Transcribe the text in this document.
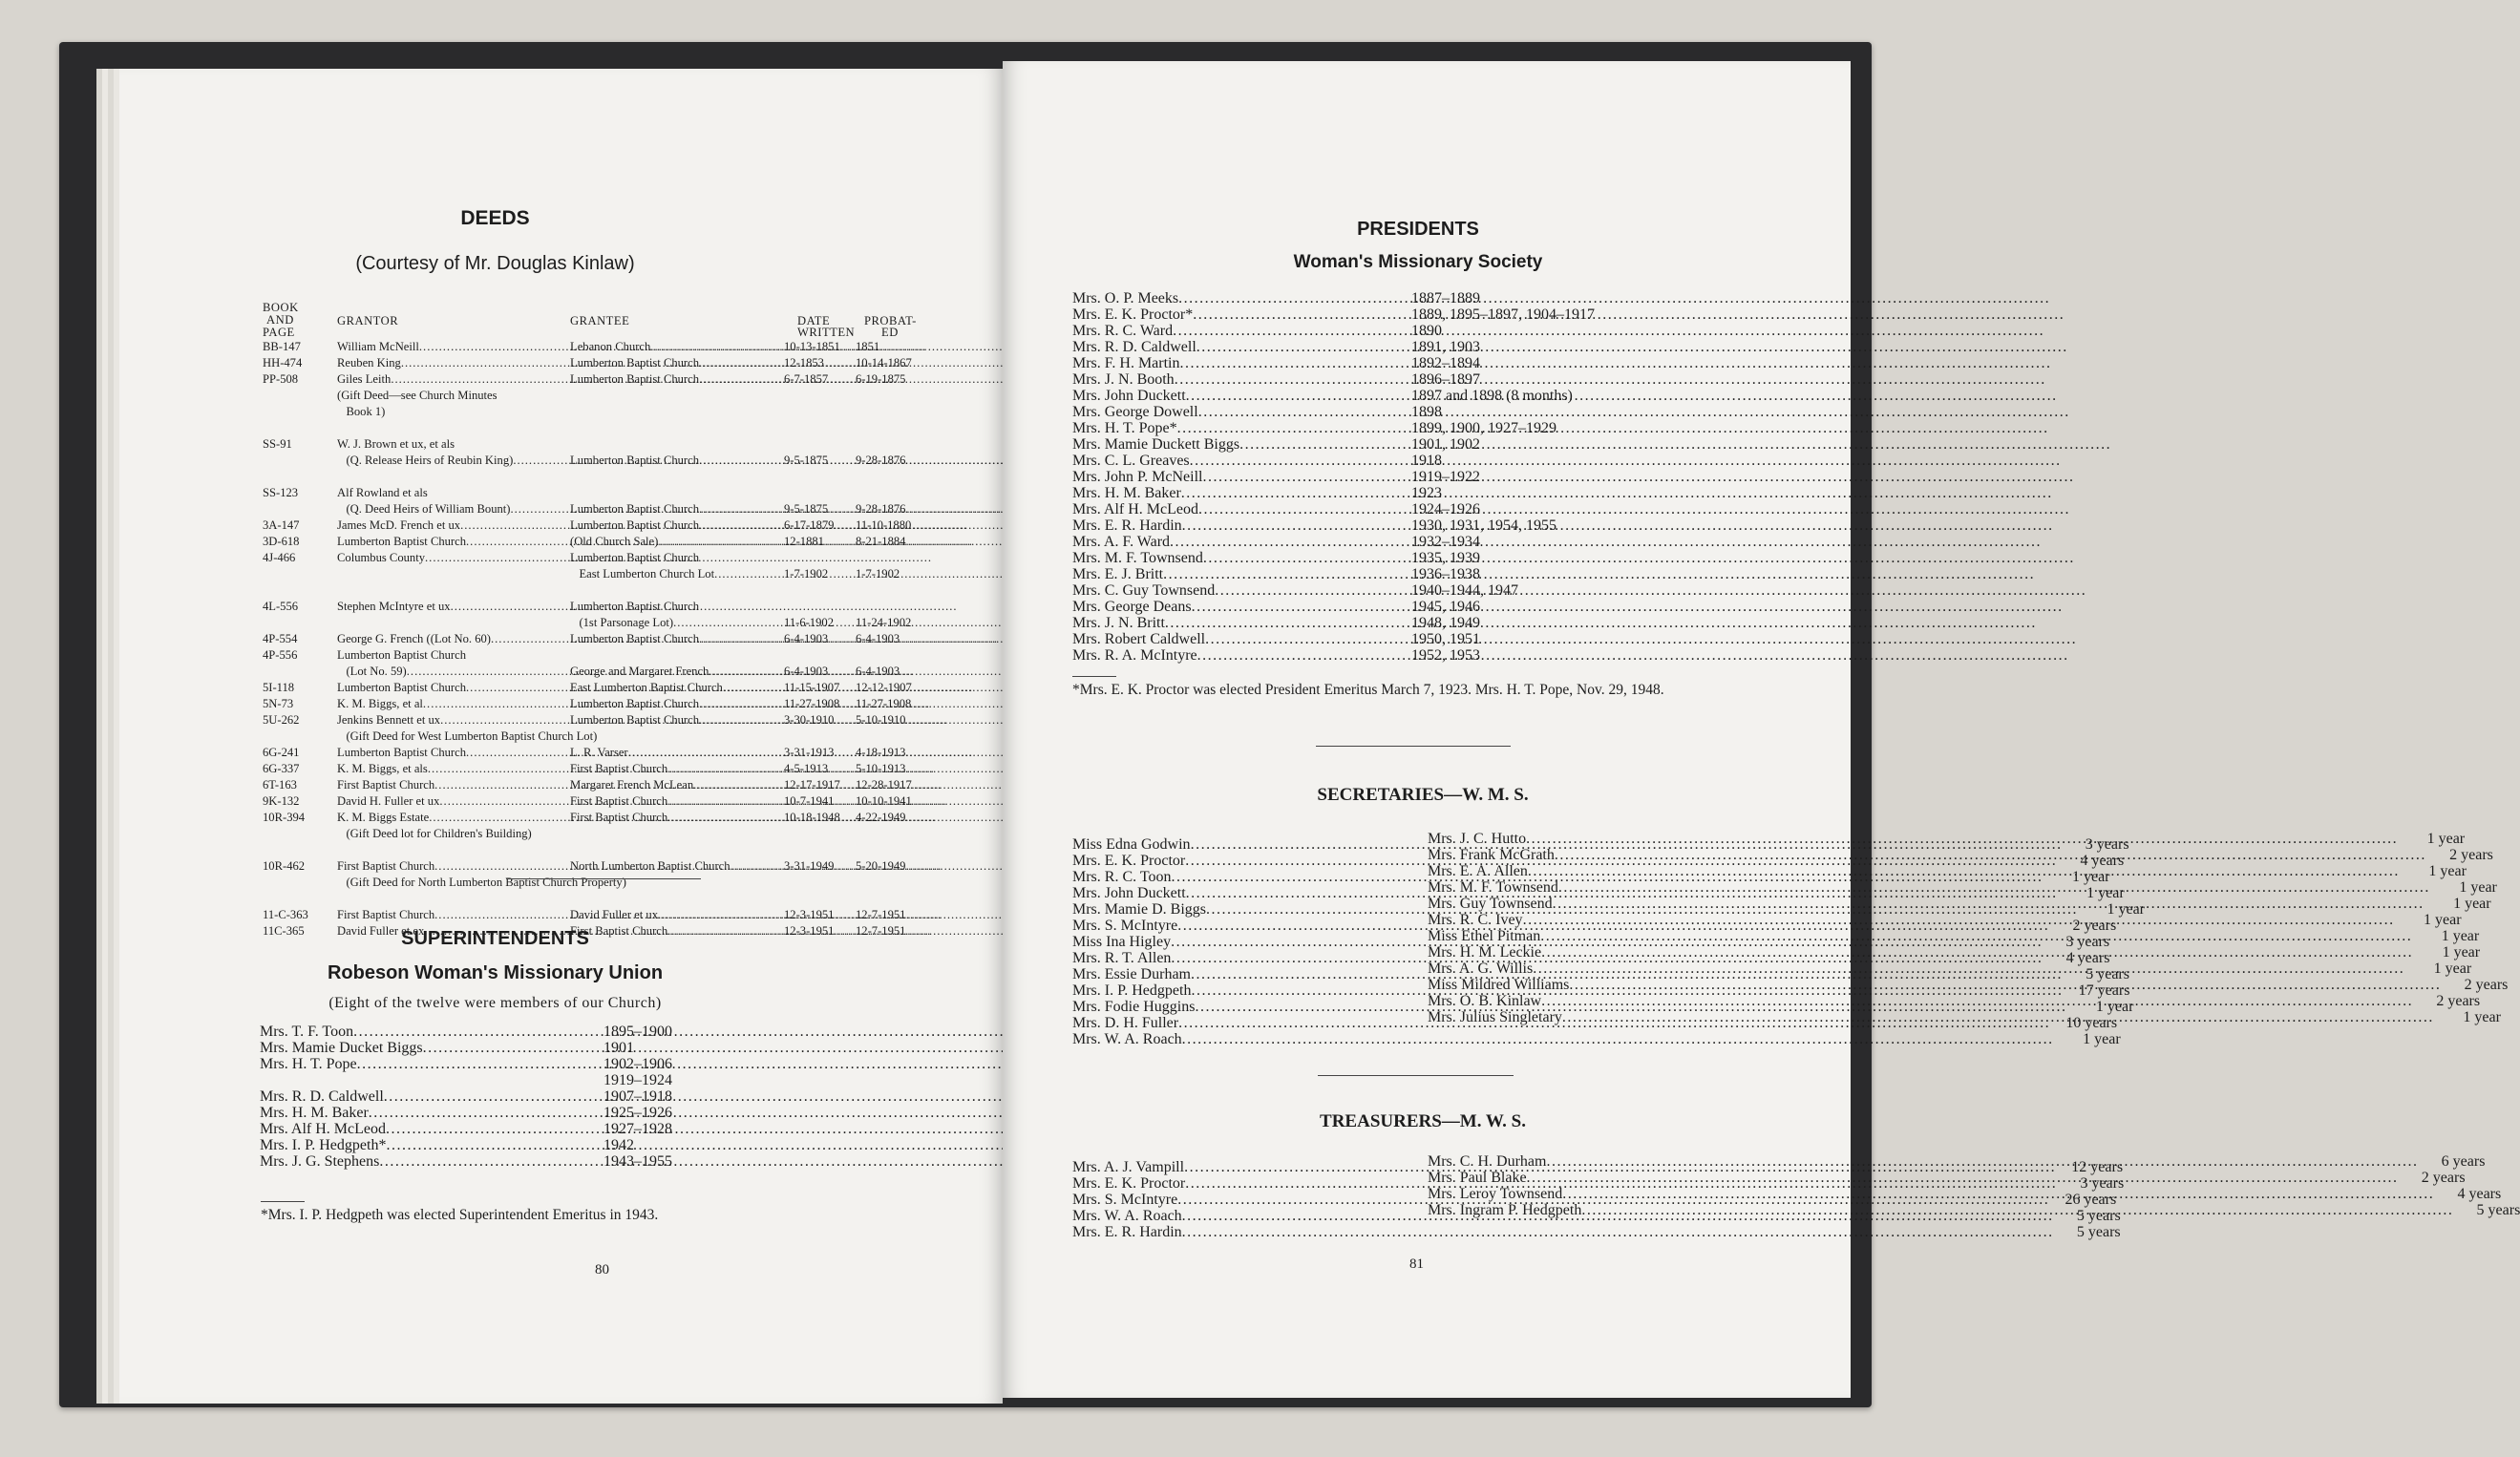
DEEDS
(Courtesy of Mr. Douglas Kinlaw)
BOOK
AND
PAGE
GRANTOR	GRANTEE	DATE
WRITTEN
PROBAT-
ED
BB-147	William McNeill .....	Lebanon Church .....	10-13-1851 1851
HH-474	Reuben King .....	Lumberton Baptist Church .....	12-1853	10-14-1867
PP-508	Giles Leith .....	Lumberton Baptist Church .....	6-7-1857 6-19-1875
(Gift Deed—see Church Minutes
Book 1)
SS-91	W. J. Brown et ux, et als
(Q. Release Heirs of Reubin King) .....	Lumberton Baptist Church .....	9-5-1875 9-28-1876
SS-123	Alf Rowland et als
(Q. Deed Heirs of William Bount) .....	Lumberton Baptist Church .....	9-5-1875 9-28-1876
3A-147	James McD. French et ux .....	Lumberton Baptist Church .....	6-17-1879 11-10-1880
3D-618	Lumberton Baptist Church .....	(Old Church Sale) .....	12-1881	8-21-1884
4J-466	Columbus County .....	Lumberton Baptist Church
East Lumberton Church Lot .....	1-7-1902 1-7-1902
4L-556	Stephen McIntyre et ux .....	Lumberton Baptist Church
(1st Parsonage Lot) .....	11-6-1902 11-24-1902
4P-554	George G. French ((Lot No. 60) .....	Lumberton Baptist Church .....	6-4-1903 6-4-1903
4P-556	Lumberton Baptist Church
(Lot No. 59) .....	George and Margaret French .....	6-4-1903 6-4-1903
5I-118	Lumberton Baptist Church .....	East Lumberton Baptist Church .....	11-15-1907 12-12-1907
5N-73	K. M. Biggs, et al .....	Lumberton Baptist Church .....	11-27-1908 11-27-1908
5U-262	Jenkins Bennett et ux .....	Lumberton Baptist Church .....	3-30-1910 5-10-1910
(Gift Deed for West Lumberton Baptist Church Lot)
6G-241	Lumberton Baptist Church .....	L. R. Varser .....	3-31-1913 4-18-1913
6G-337	K. M. Biggs, et als .....	First Baptist Church .....	4-5-1913 5-10-1913
6T-163	First Baptist Church .....	Margaret French McLean .....	12-17-1917 12-28-1917
9K-132	David H. Fuller et ux .....	First Baptist Church .....	10-7-1941 10-10-1941
10R-394	K. M. Biggs Estate .....	First Baptist Church .....	10-18-1948 4-22-1949
(Gift Deed lot for Children's Building)
10R-462	First Baptist Church .....	North Lumberton Baptist Church .....	3-31-1949 5-20-1949
(Gift Deed for North Lumberton Baptist Church Property)
11-C-363 First Baptist Church .....	David Fuller et ux .....	12-3-1951 12-7-1951
11C-365	David Fuller et ex .....	First Baptist Church .....	12-3-1951 12-7-1951
SUPERINTENDENTS
Robeson Woman's Missionary Union
(Eight of the twelve were members of our Church)
Mrs. T. F. Toon .....	1895–1900
Mrs. Mamie Ducket Biggs .....	1901
Mrs. H. T. Pope .....	1902–1906
1919–1924
Mrs. R. D. Caldwell .....	1907–1918
Mrs. H. M. Baker .....	1925–1926
Mrs. Alf H. McLeod .....	1927–1928
Mrs. I. P. Hedgpeth* .....	1942
Mrs. J. G. Stephens .....	1943–1955
*Mrs. I. P. Hedgpeth was elected Superintendent Emeritus in 1943.
80
PRESIDENTS
Woman's Missionary Society
Mrs. O. P. Meeks .....	1887–1889
Mrs. E. K. Proctor* .....	1889, 1895–1897, 1904–1917
Mrs. R. C. Ward .....	1890
Mrs. R. D. Caldwell .....	1891, 1903
Mrs. F. H. Martin .....	1892–1894
Mrs. J. N. Booth .....	1896–1897
Mrs. John Duckett .....	1897 and 1898 (8 months)
Mrs. George Dowell .....	1898
Mrs. H. T. Pope* .....	1899, 1900, 1927–1929
Mrs. Mamie Duckett Biggs .....	1901, 1902
Mrs. C. L. Greaves .....	1918
Mrs. John P. McNeill .....	1919–1922
Mrs. H. M. Baker .....	1923
Mrs. Alf H. McLeod .....	1924–1926
Mrs. E. R. Hardin .....	1930, 1931, 1954, 1955
Mrs. A. F. Ward .....	1932–1934
Mrs. M. F. Townsend .....	1935, 1939
Mrs. E. J. Britt .....	1936–1938
Mrs. C. Guy Townsend .....	1940–1944, 1947
Mrs. George Deans .....	1945, 1946
Mrs. J. N. Britt .....	1948, 1949
Mrs. Robert Caldwell .....	1950, 1951
Mrs. R. A. McIntyre .....	1952, 1953
*Mrs. E. K. Proctor was elected President Emeritus March 7, 1923. Mrs. H. T. Pope, Nov. 29, 1948.
SECRETARIES—W. M. S.
Miss Edna Godwin .....	3 years
Mrs. E. K. Proctor .....	4 years
Mrs. R. C. Toon .....	1 year
Mrs. John Duckett .....	1 year
Mrs. Mamie D. Biggs .....	1 year
Mrs. S. McIntyre .....	2 years
Miss Ina Higley .....	3 years
Mrs. R. T. Allen .....	4 years
Mrs. Essie Durham .....	5 years
Mrs. I. P. Hedgpeth .....	17 years
Mrs. Fodie Huggins .....	1 year
Mrs. D. H. Fuller .....	10 years
Mrs. W. A. Roach .....	1 year
Mrs. J. C. Hutto .....	1 year
Mrs. Frank McGrath .....	2 years
Mrs. E. A. Allen .....	1 year
Mrs. M. F. Townsend .....	1 year
Mrs. Guy Townsend .....	1 year
Mrs. R. C. Ivey .....	1 year
Miss Ethel Pitman .....	1 year
Mrs. H. M. Leckie .....	1 year
Mrs. A. G. Willis .....	1 year
Miss Mildred Williams .....	2 years
Mrs. O. B. Kinlaw .....	2 years
Mrs. Julius Singletary .....	1 year
TREASURERS—M. W. S.
Mrs. A. J. Vampill .....	12 years
Mrs. E. K. Proctor .....	3 years
Mrs. S. McIntyre .....	26 years
Mrs. W. A. Roach .....	5 years
Mrs. E. R. Hardin .....	5 years
Mrs. C. H. Durham .....	6 years
Mrs. Paul Blake .....	2 years
Mrs. Leroy Townsend .....	4 years
Mrs. Ingram P. Hedgpeth .....	5 years
81
